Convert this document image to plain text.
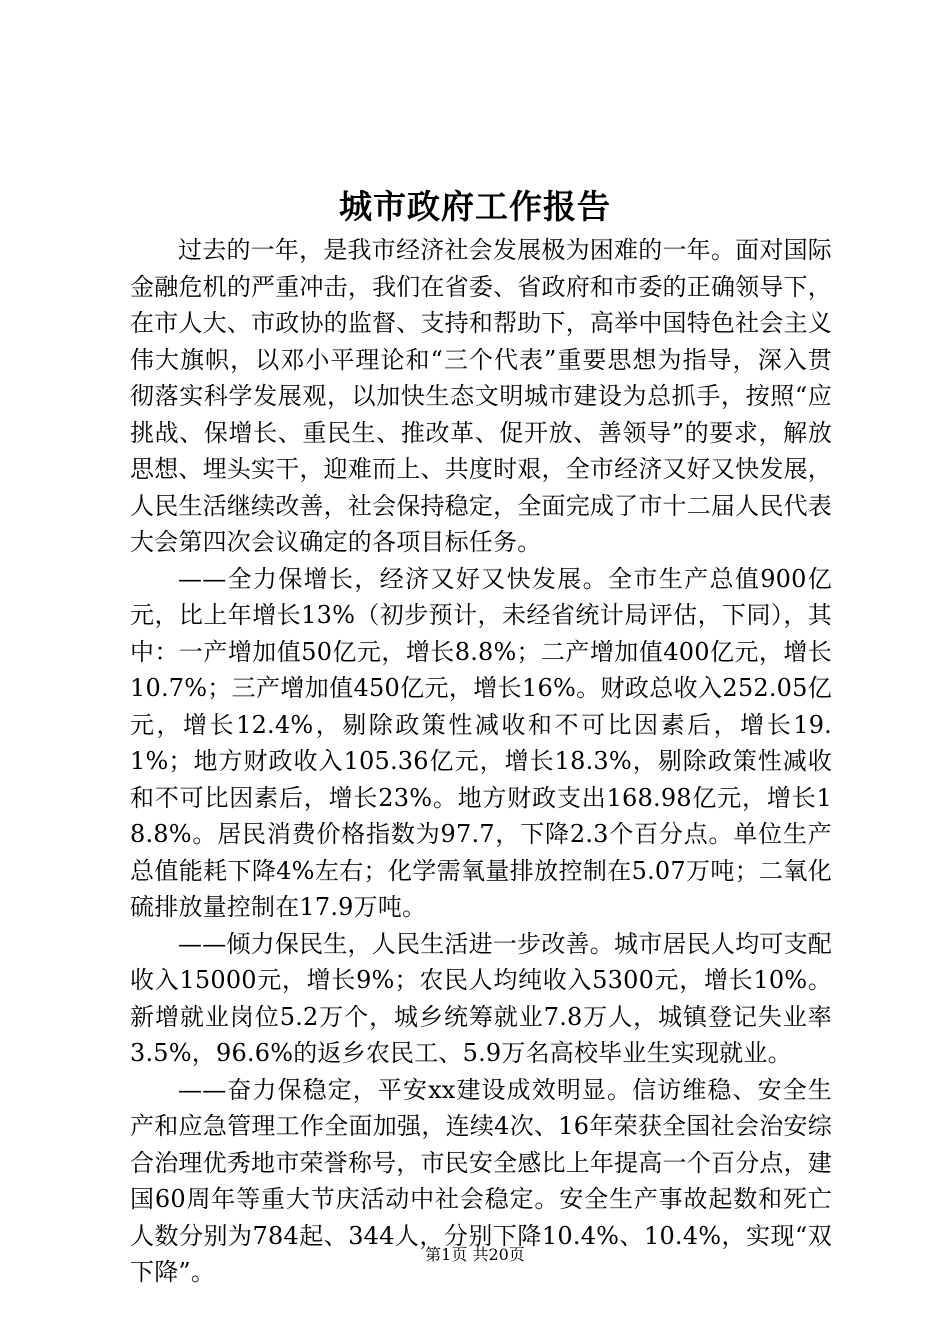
城市政府工作报告

过去的一年，是我市经济社会发展极为困难的一年。面对国际金融危机的严重冲击，我们在省委、省政府和市委的正确领导下，在市人大、市政协的监督、支持和帮助下，高举中国特色社会主义伟大旗帜，以邓小平理论和“三个代表”重要思想为指导，深入贯彻落实科学发展观，以加快生态文明城市建设为总抓手，按照“应挑战、保增长、重民生、推改革、促开放、善领导”的要求，解放思想、埋头实干，迎难而上、共度时艰，全市经济又好又快发展，人民生活继续改善，社会保持稳定，全面完成了市十二届人民代表大会第四次会议确定的各项目标任务。

——全力保增长，经济又好又快发展。全市生产总值900亿元，比上年增长13%（初步预计，未经省统计局评估，下同），其中：一产增加值50亿元，增长8.8%；二产增加值400亿元，增长10.7%；三产增加值450亿元，增长16%。财政总收入252.05亿元，增长12.4%，剔除政策性减收和不可比因素后，增长19.1%；地方财政收入105.36亿元，增长18.3%，剔除政策性减收和不可比因素后，增长23%。地方财政支出168.98亿元，增长18.8%。居民消费价格指数为97.7，下降2.3个百分点。单位生产总值能耗下降4%左右；化学需氧量排放控制在5.07万吨；二氧化硫排放量控制在17.9万吨。

——倾力保民生，人民生活进一步改善。城市居民人均可支配收入15000元，增长9%；农民人均纯收入5300元，增长10%。新增就业岗位5.2万个，城乡统筹就业7.8万人，城镇登记失业率3.5%，96.6%的返乡农民工、5.9万名高校毕业生实现就业。

——奋力保稳定，平安xx建设成效明显。信访维稳、安全生产和应急管理工作全面加强，连续4次、16年荣获全国社会治安综合治理优秀地市荣誉称号，市民安全感比上年提高一个百分点，建国60周年等重大节庆活动中社会稳定。安全生产事故起数和死亡人数分别为784起、344人，分别下降10.4%、10.4%，实现“双下降”。

第1页 共20页
